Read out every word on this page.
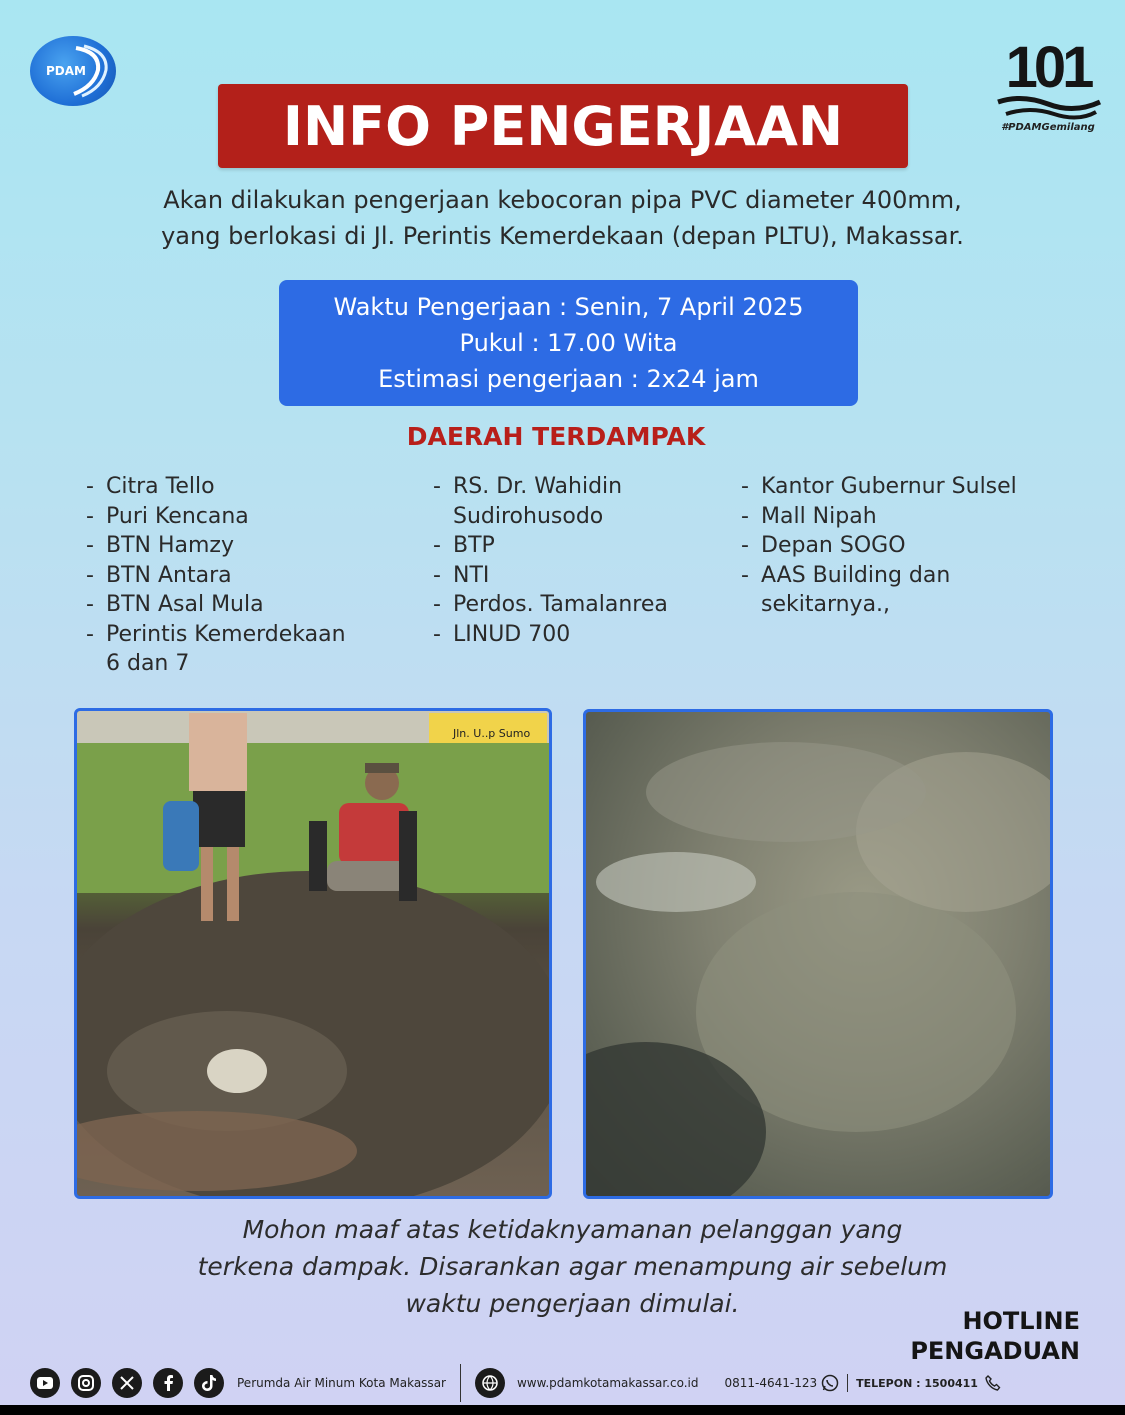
PDAM	101
#PDAMGemilang
INFO PENGERJAAN
Akan dilakukan pengerjaan kebocoran pipa PVC diameter 400mm,
yang berlokasi di Jl. Perintis Kemerdekaan (depan PLTU), Makassar.
Waktu Pengerjaan : Senin, 7 April 2025
Pukul : 17.00 Wita
Estimasi pengerjaan : 2x24 jam
DAERAH TERDAMPAK
- Citra Tello
- Puri Kencana
- BTN Hamzy
- BTN Antara
- BTN Asal Mula
- Perintis Kemerdekaan
6 dan 7
- RS. Dr. Wahidin
Sudirohusodo
- BTP
- NTI
- Perdos. Tamalanrea
- LINUD 700
- Kantor Gubernur Sulsel
- Mall Nipah
- Depan SOGO
- AAS Building dan
sekitarnya.,
Jln. U..p Sumo
Mohon maaf atas ketidaknyamanan pelanggan yang
terkena dampak. Disarankan agar menampung air sebelum
waktu pengerjaan dimulai.
HOTLINE
PENGADUAN
Perumda Air Minum Kota Makassar	www.pdamkotamakassar.co.id 0811-4641-123	TELEPON : 1500411
